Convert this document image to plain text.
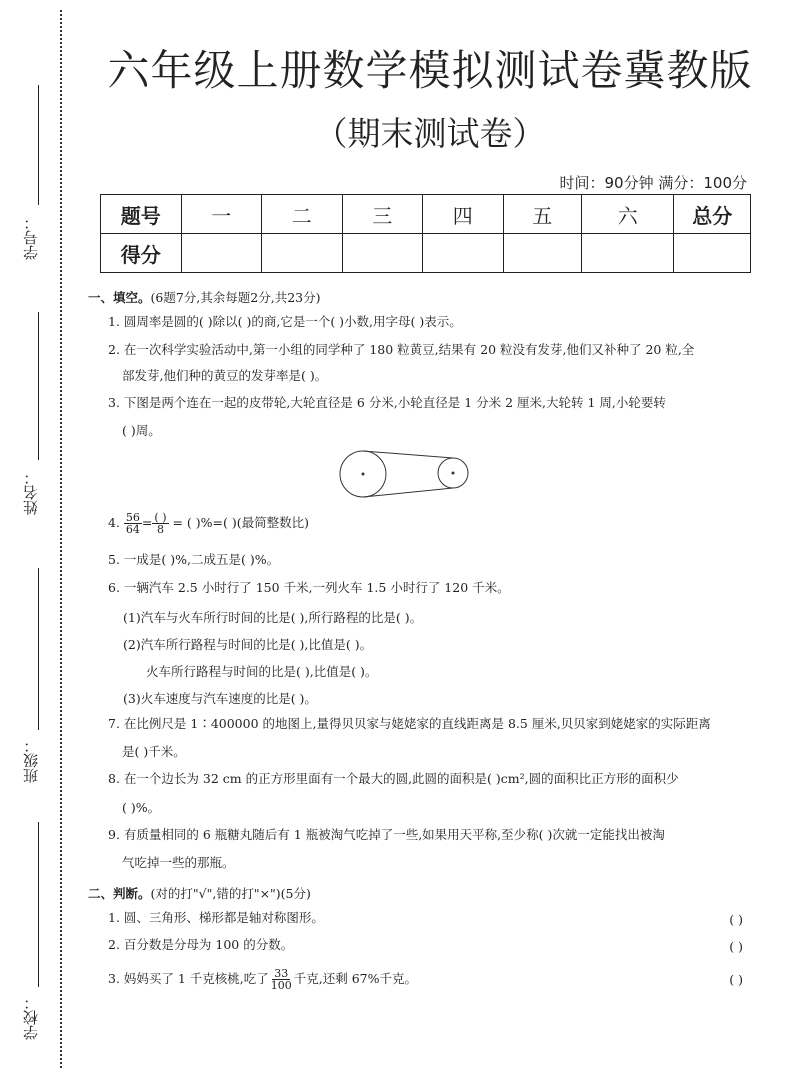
学号：
姓名：
班级：
学校：
六年级上册数学模拟测试卷冀教版
（期末测试卷）
时间：90分钟 满分：100分
题号	一	二	三	四	五	六	总分
得分							
一、填空。(6题7分,其余每题2分,共23分)
1. 圆周率是圆的( )除以( )的商,它是一个( )小数,用字母( )表示。
2. 在一次科学实验活动中,第一小组的同学种了 180 粒黄豆,结果有 20 粒没有发芽,他们又补种了 20 粒,全
部发芽,他们种的黄豆的发芽率是( )。
3. 下图是两个连在一起的皮带轮,大轮直径是 6 分米,小轮直径是 1 分米 2 厘米,大轮转 1 周,小轮要转
( )周。
4. $\frac{56}{64} = \frac{( )}{8}$ = ( )%=( )(最简整数比)
5. 一成是( )%,二成五是( )%。
6. 一辆汽车 2.5 小时行了 150 千米,一列火车 1.5 小时行了 120 千米。
(1)汽车与火车所行时间的比是( ),所行路程的比是( )。
(2)汽车所行路程与时间的比是( ),比值是( )。
火车所行路程与时间的比是( ),比值是( )。
(3)火车速度与汽车速度的比是( )。
7. 在比例尺是 1∶400000 的地图上,量得贝贝家与姥姥家的直线距离是 8.5 厘米,贝贝家到姥姥家的实际距离
是( )千米。
8. 在一个边长为 32 cm 的正方形里面有一个最大的圆,此圆的面积是( )cm²,圆的面积比正方形的面积少
( )%。
9. 有质量相同的 6 瓶糖丸随后有 1 瓶被淘气吃掉了一些,如果用天平称,至少称( )次就一定能找出被淘
气吃掉一些的那瓶。
二、判断。(对的打"√",错的打"×")(5分)
1. 圆、三角形、梯形都是轴对称图形。	( )
2. 百分数是分母为 100 的分数。	( )
3. 妈妈买了 1 千克核桃,吃了 $\frac{33}{100}$ 千克,还剩 67%千克。	( )
